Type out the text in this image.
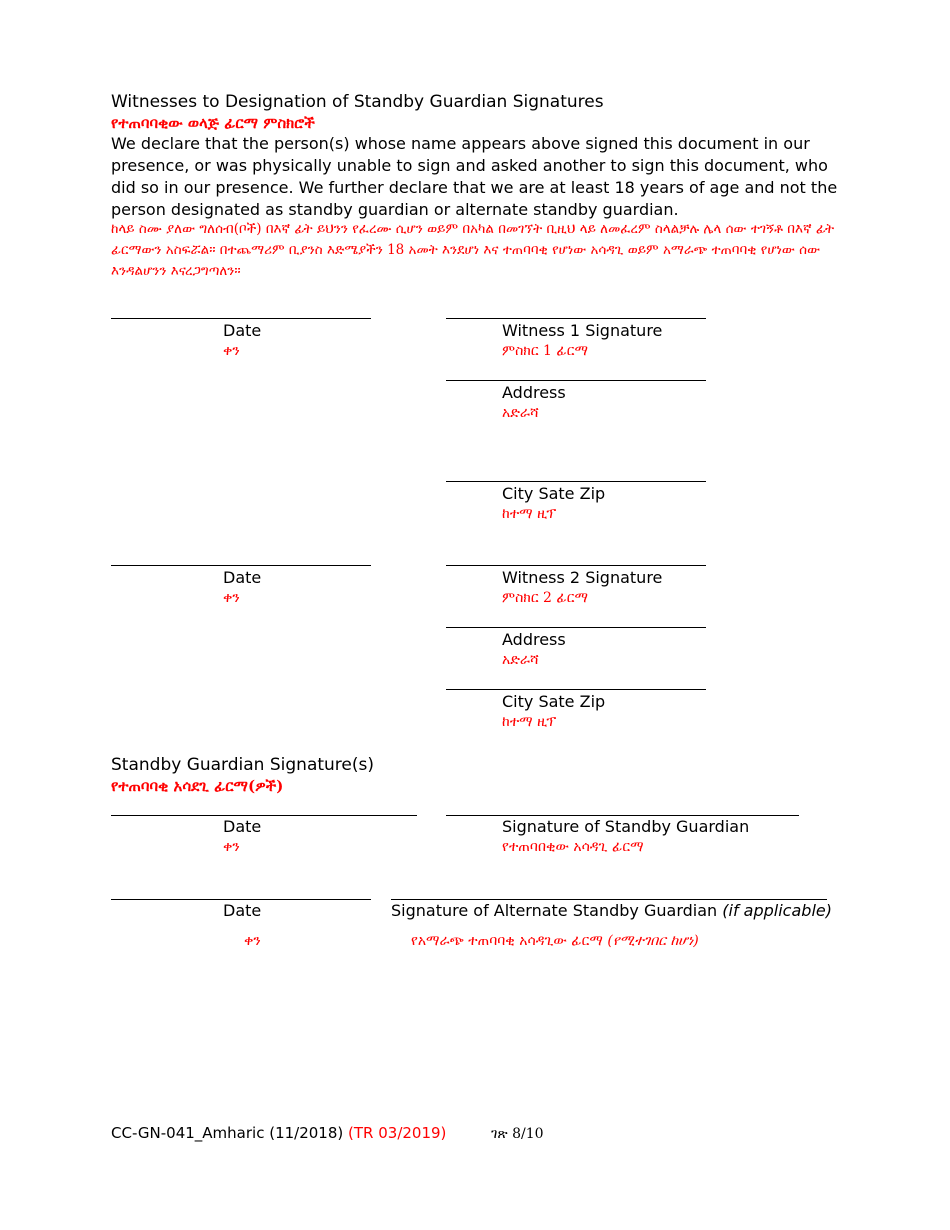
Witnesses to Designation of Standby Guardian Signatures
የተጠባባቂው ወላጅ ፊርማ ምስክሮች
We declare that the person(s) whose name appears above signed this document in our presence, or was physically unable to sign and asked another to sign this document, who did so in our presence. We further declare that we are at least 18 years of age and not the person designated as standby guardian or alternate standby guardian.
ከላይ ስሙ ያለው ግለሰብ(ቦች) በእኛ ፊት ይህንን የፈረሙ ሲሆን ወይም በአካል በመገኘት ቢዚህ ላይ ለመፈረም ስላልቻሉ ሌላ ሰው ተገኝቶ በእኛ ፊት ፊርማውን አስፍሯል። በተጨማሪም ቢያንስ እድሜያችን 18 አመት እንደሆነ እና ተጠባባቂ የሆነው አሳዳጊ ወይም አማራጭ ተጠባባቂ የሆነው ሰው እንዳልሆንን እናረጋግጣለን።
Date
ቀን
Witness 1 Signature
ምስክር 1 ፊርማ
Address
አድራሻ
City Sate Zip
ከተማ ዚፕ
Date
ቀን
Witness 2 Signature
ምስክር 2 ፊርማ
Address
አድራሻ
City Sate Zip
ከተማ ዚፕ
Standby Guardian Signature(s)
የተጠባባቂ አሳደጊ ፊርማ(ዎች)
Date
ቀን
Signature of Standby Guardian
የተጠባበቂው አሳዳጊ ፊርማ
Date
ቀን
Signature of Alternate Standby Guardian (if applicable)
የአማራጭ ተጠባባቂ አሳዳጊው ፊርማ (የሚተገበር ከሆነ)
CC-GN-041_Amharic (11/2018) (TR 03/2019)	ገጽ 8/10
